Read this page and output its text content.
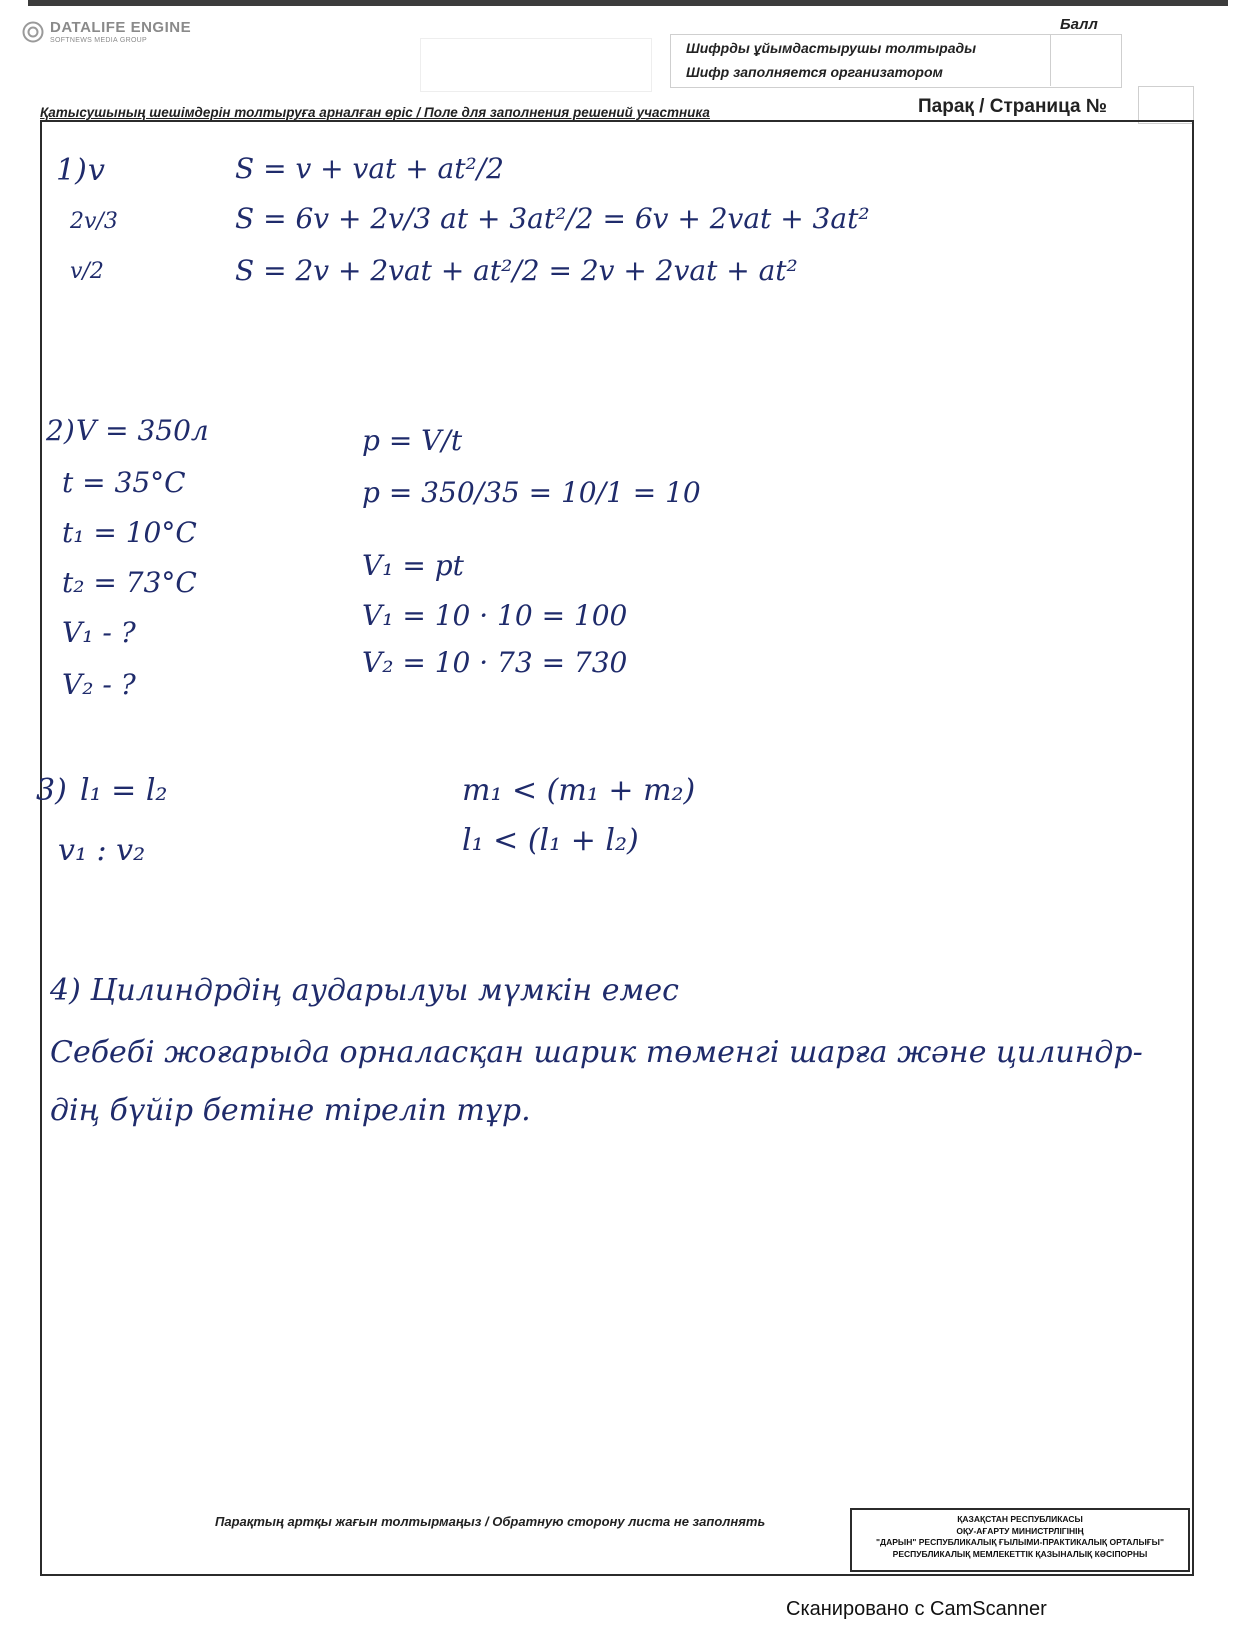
DATALIFE ENGINE
SOFTNEWS MEDIA GROUP
Балл
Шифрды ұйымдастырушы толтырады
Шифр заполняется организатором
Қатысушының шешімдерін толтыруға арналған өріс / Поле для заполнения решений участника	Парақ / Страница №
1) v
2v/3
v/2
S = v + vat + at²/2
S = 6v + 2v/3 at + 3at²/2 = 6v + 2vat + 3at²
S = 2v + 2vat + at²/2 = 2v + 2vat + at²
2) V = 350л
t = 35°C
t₁ = 10°C
t₂ = 73°C
V₁ - ?
V₂ - ?
p = V/t
p = 350/35 = 10/1 = 10
V₁ = pt
V₁ = 10 · 10 = 100
V₂ = 10 · 73 = 730
3) l₁ = l₂
v₁ : v₂
m₁ < (m₁ + m₂)
l₁ < (l₁ + l₂)
4) Цилиндрдің аударылуы мүмкін емес
Себебі жоғарыда орналасқан шарик төменгі шарға және цилиндр-
дің бүйір бетіне тіреліп тұр.
Парақтың артқы жағын толтырмаңыз / Обратную сторону листа не заполнять	ҚАЗАҚСТАН РЕСПУБЛИКАСЫ
ОҚУ-АҒАРТУ МИНИСТРЛІГІНІҢ
"ДАРЫН" РЕСПУБЛИКАЛЫҚ ҒЫЛЫМИ-ПРАКТИКАЛЫҚ ОРТАЛЫҒЫ"
РЕСПУБЛИКАЛЫҚ МЕМЛЕКЕТТІК ҚАЗЫНАЛЫҚ КӘСІПОРНЫ
Сканировано с CamScanner
